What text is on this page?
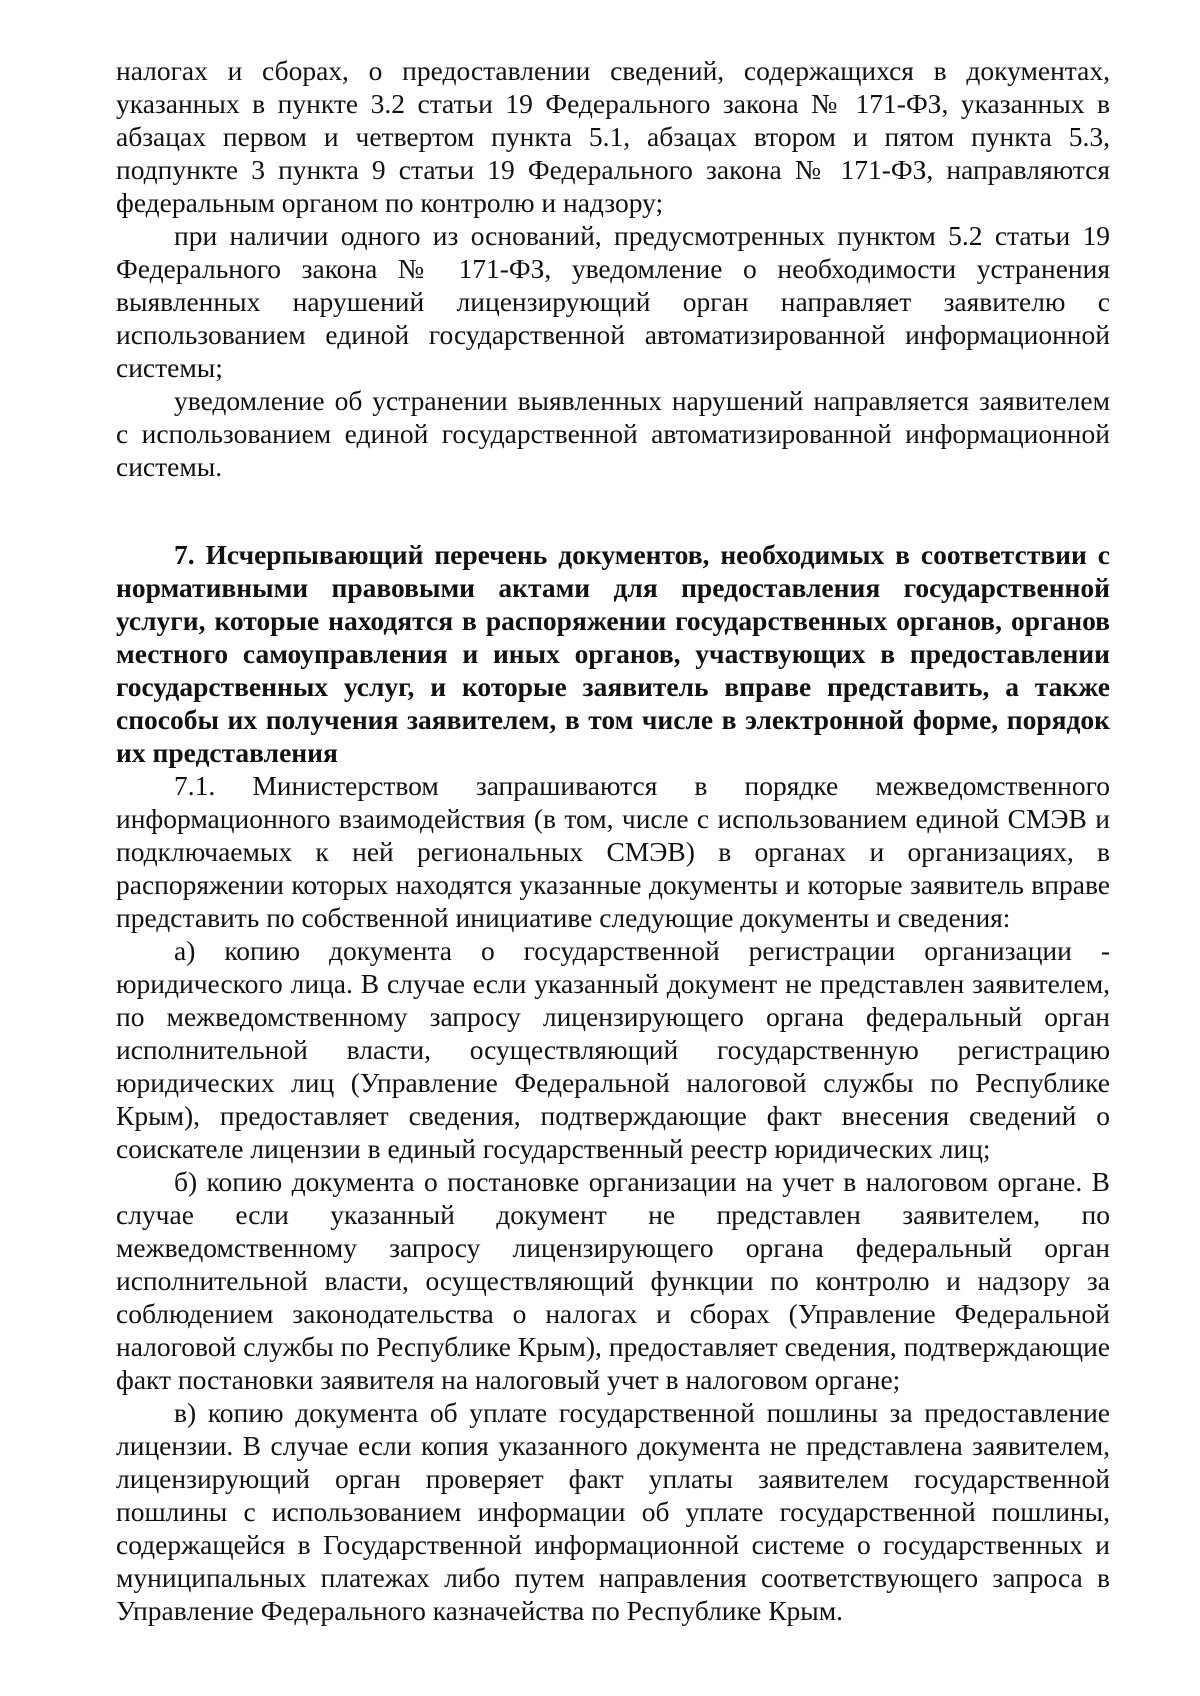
налогах и сборах, о предоставлении сведений, содержащихся в документах, указанных в пункте 3.2 статьи 19 Федерального закона № 171-ФЗ, указанных в абзацах первом и четвертом пункта 5.1, абзацах втором и пятом пункта 5.3, подпункте 3 пункта 9 статьи 19 Федерального закона № 171-ФЗ, направляются федеральным органом по контролю и надзору;

при наличии одного из оснований, предусмотренных пунктом 5.2 статьи 19 Федерального закона № 171-ФЗ, уведомление о необходимости устранения выявленных нарушений лицензирующий орган направляет заявителю с использованием единой государственной автоматизированной информационной системы;

уведомление об устранении выявленных нарушений направляется заявителем с использованием единой государственной автоматизированной информационной системы.

7. Исчерпывающий перечень документов, необходимых в соответствии с нормативными правовыми актами для предоставления государственной услуги, которые находятся в распоряжении государственных органов, органов местного самоуправления и иных органов, участвующих в предоставлении государственных услуг, и которые заявитель вправе представить, а также способы их получения заявителем, в том числе в электронной форме, порядок их представления

7.1. Министерством запрашиваются в порядке межведомственного информационного взаимодействия (в том, числе с использованием единой СМЭВ и подключаемых к ней региональных СМЭВ) в органах и организациях, в распоряжении которых находятся указанные документы и которые заявитель вправе представить по собственной инициативе следующие документы и сведения:

а) копию документа о государственной регистрации организации - юридического лица. В случае если указанный документ не представлен заявителем, по межведомственному запросу лицензирующего органа федеральный орган исполнительной власти, осуществляющий государственную регистрацию юридических лиц (Управление Федеральной налоговой службы по Республике Крым), предоставляет сведения, подтверждающие факт внесения сведений о соискателе лицензии в единый государственный реестр юридических лиц;

б) копию документа о постановке организации на учет в налоговом органе. В случае если указанный документ не представлен заявителем, по межведомственному запросу лицензирующего органа федеральный орган исполнительной власти, осуществляющий функции по контролю и надзору за соблюдением законодательства о налогах и сборах (Управление Федеральной налоговой службы по Республике Крым), предоставляет сведения, подтверждающие факт постановки заявителя на налоговый учет в налоговом органе;

в) копию документа об уплате государственной пошлины за предоставление лицензии. В случае если копия указанного документа не представлена заявителем, лицензирующий орган проверяет факт уплаты заявителем государственной пошлины с использованием информации об уплате государственной пошлины, содержащейся в Государственной информационной системе о государственных и муниципальных платежах либо путем направления соответствующего запроса в Управление Федерального казначейства по Республике Крым.
